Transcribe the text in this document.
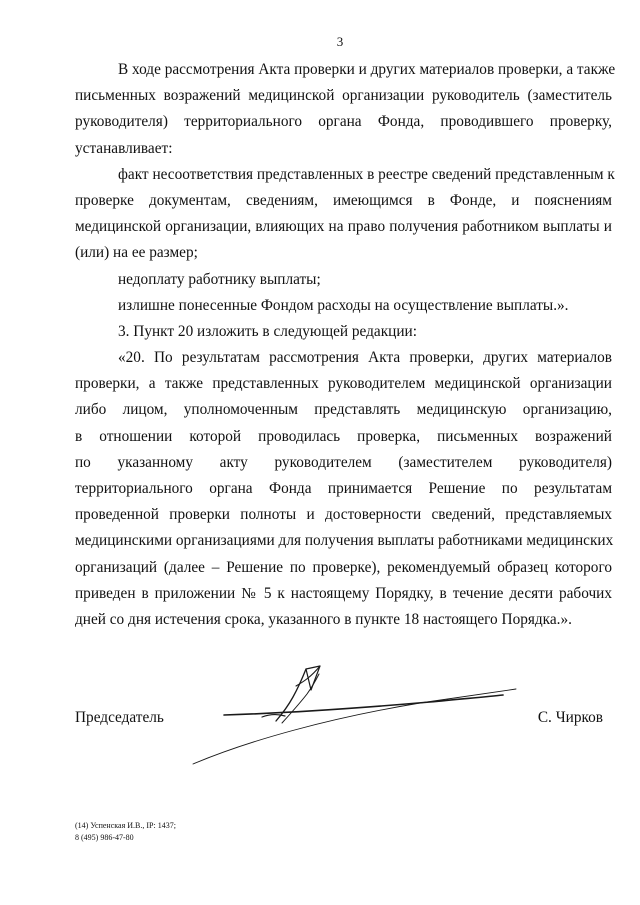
3
В ходе рассмотрения Акта проверки и других материалов проверки, а также
письменных возражений медицинской организации руководитель (заместитель
руководителя) территориального органа Фонда, проводившего проверку,
устанавливает:
факт несоответствия представленных в реестре сведений представленным к
проверке документам, сведениям, имеющимся в Фонде, и пояснениям
медицинской организации, влияющих на право получения работником выплаты и
(или) на ее размер;
недоплату работнику выплаты;
излишне понесенные Фондом расходы на осуществление выплаты.».
3. Пункт 20 изложить в следующей редакции:
«20. По результатам рассмотрения Акта проверки, других материалов
проверки, а также представленных руководителем медицинской организации
либо лицом, уполномоченным представлять медицинскую организацию,
в отношении которой проводилась проверка, письменных возражений
по указанному акту руководителем (заместителем руководителя)
территориального органа Фонда принимается Решение по результатам
проведенной проверки полноты и достоверности сведений, представляемых
медицинскими организациями для получения выплаты работниками медицинских
организаций (далее – Решение по проверке), рекомендуемый образец которого
приведен в приложении № 5 к настоящему Порядку, в течение десяти рабочих
дней со дня истечения срока, указанного в пункте 18 настоящего Порядка.».
Председатель	С. Чирков
(14) Успенская И.В., IP: 1437;
8 (495) 986-47-80
